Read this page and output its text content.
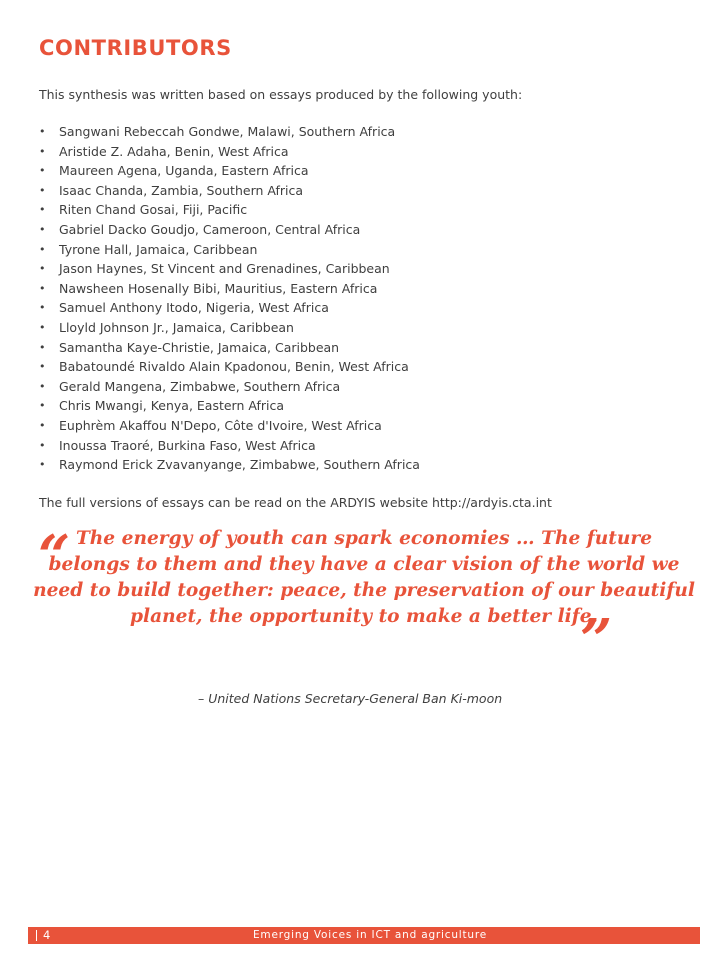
CONTRIBUTORS
This synthesis was written based on essays produced by the following youth:
•	Sangwani Rebeccah Gondwe, Malawi, Southern Africa
•	Aristide Z. Adaha, Benin, West Africa
•	Maureen Agena, Uganda, Eastern Africa
•	Isaac Chanda, Zambia, Southern Africa
•	Riten Chand Gosai, Fiji, Pacific
•	Gabriel Dacko Goudjo, Cameroon, Central Africa
•	Tyrone Hall, Jamaica, Caribbean
•	Jason Haynes, St Vincent and Grenadines, Caribbean
•	Nawsheen Hosenally Bibi, Mauritius, Eastern Africa
•	Samuel Anthony Itodo, Nigeria, West Africa
•	Lloyld Johnson Jr., Jamaica, Caribbean
•	Samantha Kaye-Christie, Jamaica, Caribbean
•	Babatoundé Rivaldo Alain Kpadonou, Benin, West Africa
•	Gerald Mangena, Zimbabwe, Southern Africa
•	Chris Mwangi, Kenya, Eastern Africa
•	Euphrèm Akaffou N'Depo, Côte d'Ivoire, West Africa
•	Inoussa Traoré, Burkina Faso, West Africa
•	Raymond Erick Zvavanyange, Zimbabwe, Southern Africa
The full versions of essays can be read on the ARDYIS website http://ardyis.cta.int
“ The energy of youth can spark economies … The future
belongs to them and they have a clear vision of the world we
need to build together: peace, the preservation of our beautiful
planet, the opportunity to make a better life.
”
– United Nations Secretary-General Ban Ki-moon
4	Emerging Voices in ICT and agriculture
